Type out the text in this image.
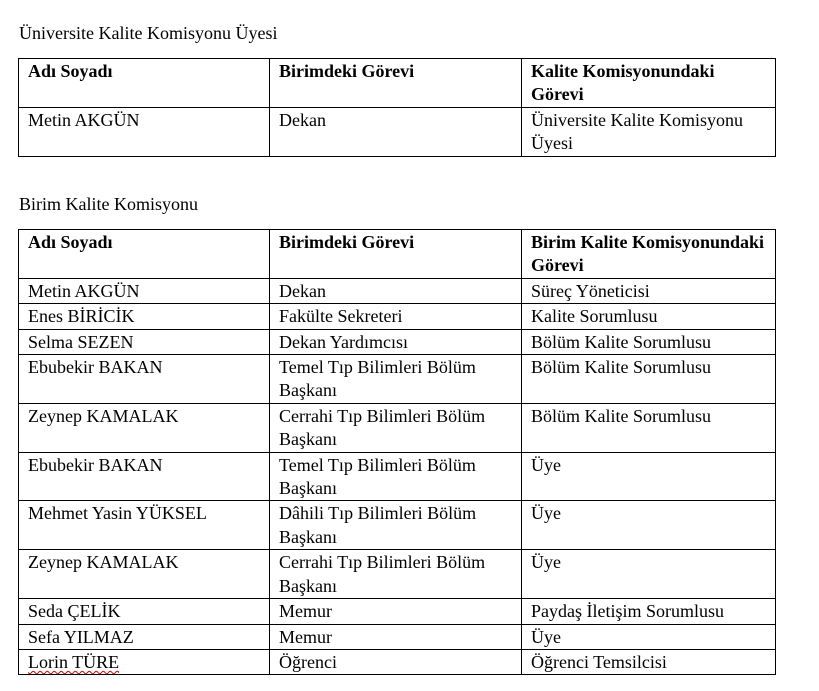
Üniversite Kalite Komisyonu Üyesi

Adı Soyadı	Birimdeki Görevi	Kalite Komisyonundaki Görevi
Metin AKGÜN	Dekan	Üniversite Kalite Komisyonu Üyesi

Birim Kalite Komisyonu

Adı Soyadı	Birimdeki Görevi	Birim Kalite Komisyonundaki Görevi
Metin AKGÜN	Dekan	Süreç Yöneticisi
Enes BİRİCİK	Fakülte Sekreteri	Kalite Sorumlusu
Selma SEZEN	Dekan Yardımcısı	Bölüm Kalite Sorumlusu
Ebubekir BAKAN	Temel Tıp Bilimleri Bölüm Başkanı	Bölüm Kalite Sorumlusu
Zeynep KAMALAK	Cerrahi Tıp Bilimleri Bölüm Başkanı	Bölüm Kalite Sorumlusu
Ebubekir BAKAN	Temel Tıp Bilimleri Bölüm Başkanı	Üye
Mehmet Yasin YÜKSEL	Dâhili Tıp Bilimleri Bölüm Başkanı	Üye
Zeynep KAMALAK	Cerrahi Tıp Bilimleri Bölüm Başkanı	Üye
Seda ÇELİK	Memur	Paydaş İletişim Sorumlusu
Sefa YILMAZ	Memur	Üye
Lorin TÜRE	Öğrenci	Öğrenci Temsilcisi
